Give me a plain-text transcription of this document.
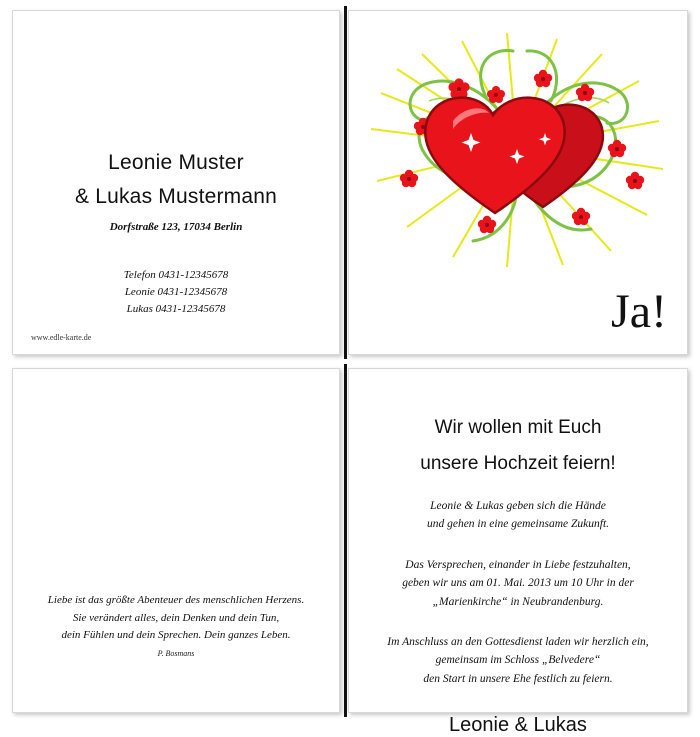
Leonie Muster
& Lukas Mustermann
Dorfstraße 123, 17034 Berlin
Telefon 0431-12345678
Leonie 0431-12345678
Lukas 0431-12345678
www.edle-karte.de	Ja!
Liebe ist das größte Abenteuer des menschlichen Herzens.
Sie verändert alles, dein Denken und dein Tun,
dein Fühlen und dein Sprechen. Dein ganzes Leben.
P. Bosmans
Wir wollen mit Euch
unsere Hochzeit feiern!
Leonie & Lukas geben sich die Hände
und gehen in eine gemeinsame Zukunft.
Das Versprechen, einander in Liebe festzuhalten,
geben wir uns am 01. Mai. 2013 um 10 Uhr in der
„Marienkirche“ in Neubrandenburg.
Im Anschluss an den Gottesdienst laden wir herzlich ein,
gemeinsam im Schloss „Belvedere“
den Start in unsere Ehe festlich zu feiern.
Leonie & Lukas
